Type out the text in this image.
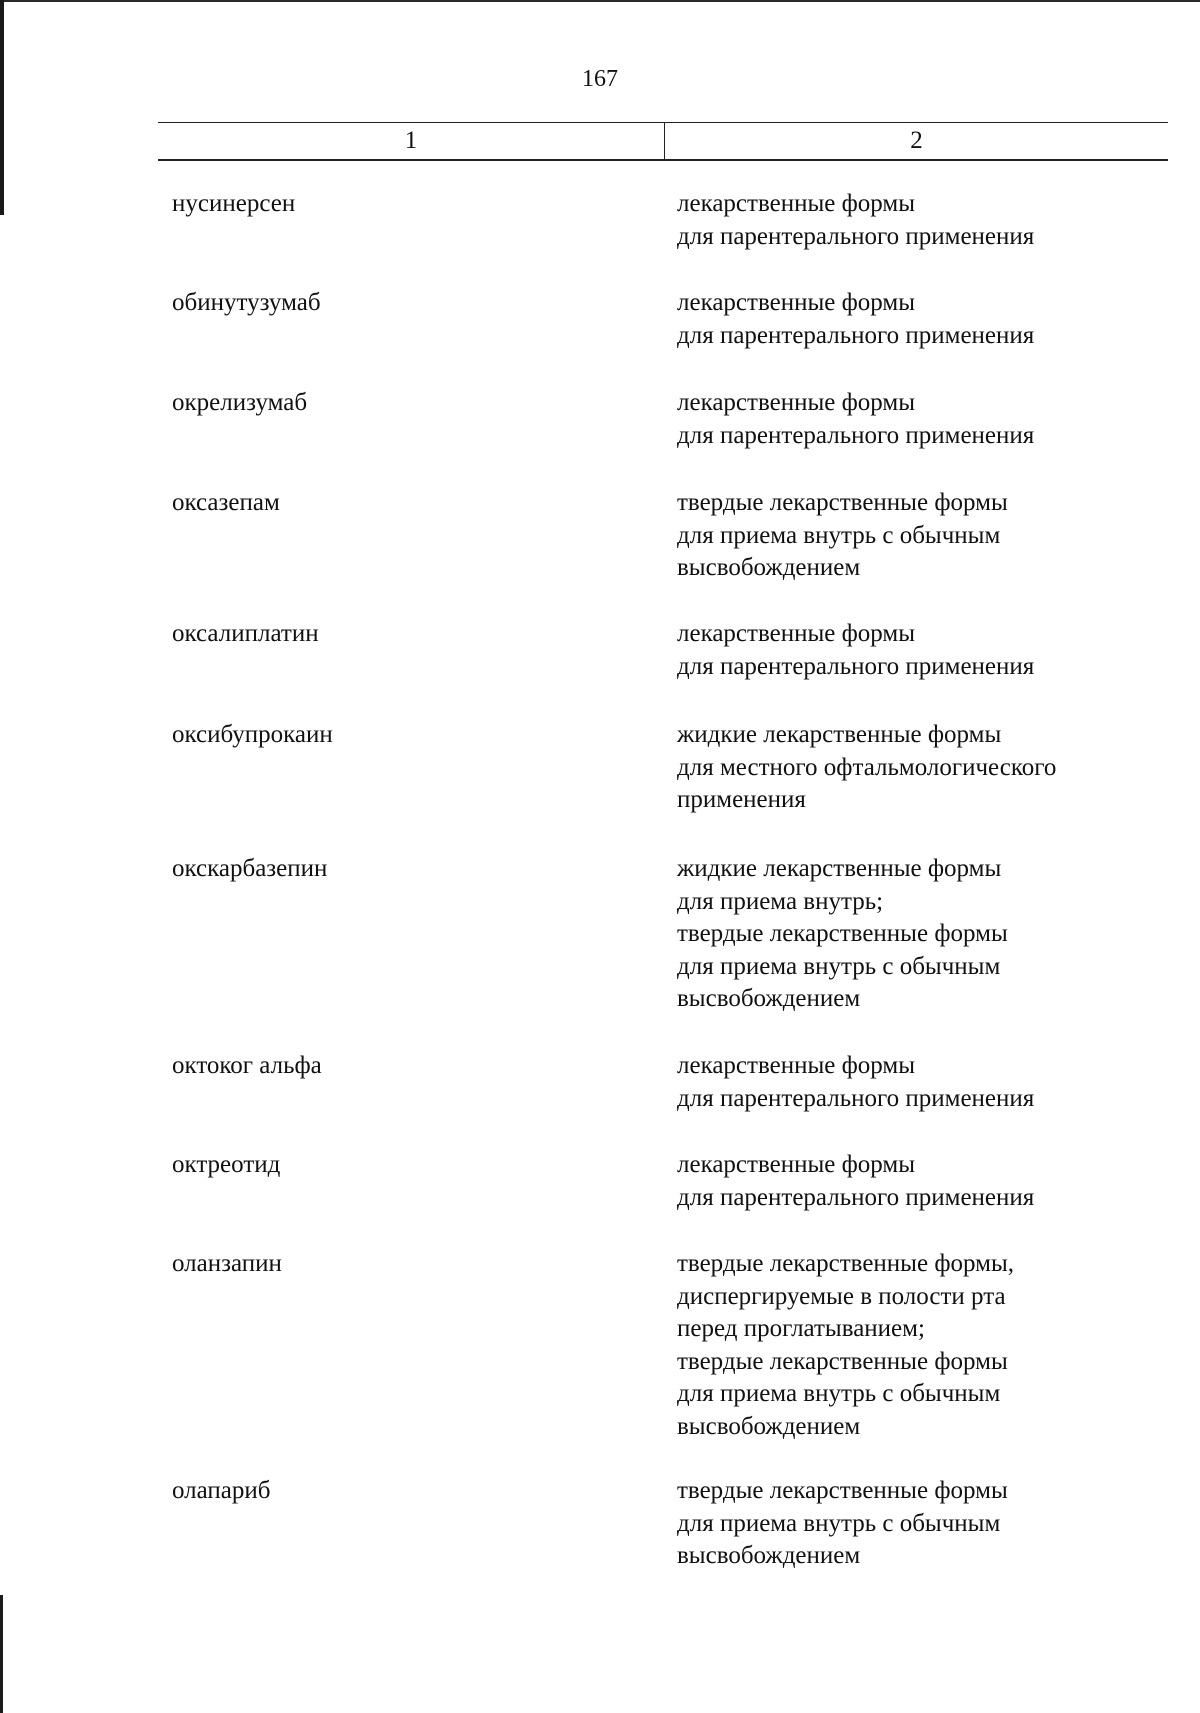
167
1	2
нусинерсен	лекарственные формы
для парентерального применения
обинутузумаб	лекарственные формы
для парентерального применения
окрелизумаб	лекарственные формы
для парентерального применения
оксазепам	твердые лекарственные формы
для приема внутрь с обычным
высвобождением
оксалиплатин	лекарственные формы
для парентерального применения
оксибупрокаин	жидкие лекарственные формы
для местного офтальмологического
применения
окскарбазепин	жидкие лекарственные формы
для приема внутрь;
твердые лекарственные формы
для приема внутрь с обычным
высвобождением
октоког альфа	лекарственные формы
для парентерального применения
октреотид	лекарственные формы
для парентерального применения
оланзапин	твердые лекарственные формы,
диспергируемые в полости рта
перед проглатыванием;
твердые лекарственные формы
для приема внутрь с обычным
высвобождением
олапариб	твердые лекарственные формы
для приема внутрь с обычным
высвобождением
